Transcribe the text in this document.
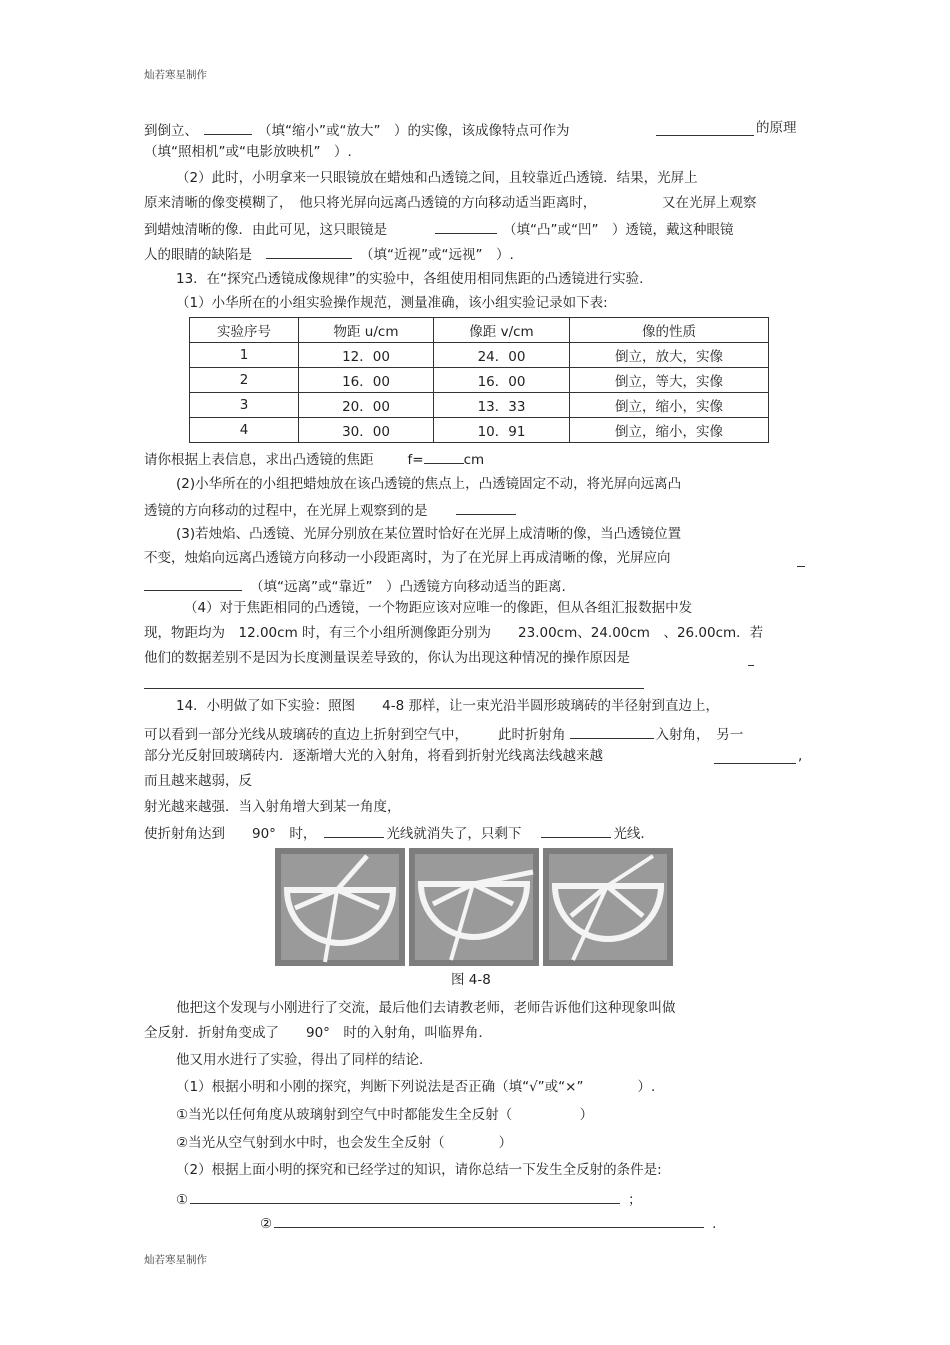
灿若寒星制作
到倒立、	（填“缩小”或“放大”　）的实像，该成像特点可作为	的原理
（填“照相机”或“电影放映机”　）.
（2）此时，小明拿来一只眼镜放在蜡烛和凸透镜之间，且较靠近凸透镜．结果，光屏上
原来清晰的像变模糊了，　他只将光屏向远离凸透镜的方向移动适当距离时，	又在光屏上观察
到蜡烛清晰的像．由此可见，这只眼镜是	（填“凸”或“凹”　）透镜，戴这种眼镜
人的眼睛的缺陷是	（填“近视”或“远视”　）.
13．在“探究凸透镜成像规律”的实验中，各组使用相同焦距的凸透镜进行实验.
（1）小华所在的小组实验操作规范，测量准确，该小组实验记录如下表:
实验序号	物距 u/cm	像距 v/cm	像的性质
1	12．00	24．00	倒立，放大，实像
2	16．00	16．00	倒立，等大，实像
3	20．00	13．33	倒立，缩小，实像
4	30．00	10．91	倒立，缩小，实像
请你根据上表信息，求出凸透镜的焦距	f=	cm
(2)小华所在的小组把蜡烛放在该凸透镜的焦点上，凸透镜固定不动，将光屏向远离凸
透镜的方向移动的过程中，在光屏上观察到的是
(3)若烛焰、凸透镜、光屏分别放在某位置时恰好在光屏上成清晰的像，当凸透镜位置
不变，烛焰向远离凸透镜方向移动一小段距离时，为了在光屏上再成清晰的像，光屏应向
（填“远离”或“靠近”　）凸透镜方向移动适当的距离.
（4）对于焦距相同的凸透镜，一个物距应该对应唯一的像距，但从各组汇报数据中发
现，物距均为　12.00cm 时，有三个小组所测像距分别为　　23.00cm、24.00cm　、26.00cm．若
他们的数据差别不是因为长度测量误差导致的，你认为出现这种情况的操作原因是
14．小明做了如下实验：照图　　4-8 那样，让一束光沿半圆形玻璃砖的半径射到直边上，
可以看到一部分光线从玻璃砖的直边上折射到空气中， 此时折射角	入射角，　另一
部分光反射回玻璃砖内．逐渐增大光的入射角，将看到折射光线离法线越来越	,
而且越来越弱，反
射光越来越强．当入射角增大到某一角度，
使折射角达到　　90°　时，	光线就消失了，只剩下	光线.
图 4-8
他把这个发现与小刚进行了交流，最后他们去请教老师，老师告诉他们这种现象叫做
全反射．折射角变成了　　90°　时的入射角，叫临界角.
他又用水进行了实验，得出了同样的结论.
（1）根据小明和小刚的探究，判断下列说法是否正确（填“√”或“×”　　　　）.
①当光以任何角度从玻璃射到空气中时都能发生全反射（　　　　　）
②当光从空气射到水中时，也会发生全反射（　　　　）
（2）根据上面小明的探究和已经学过的知识，请你总结一下发生全反射的条件是:
①	；
②	.
灿若寒星制作
